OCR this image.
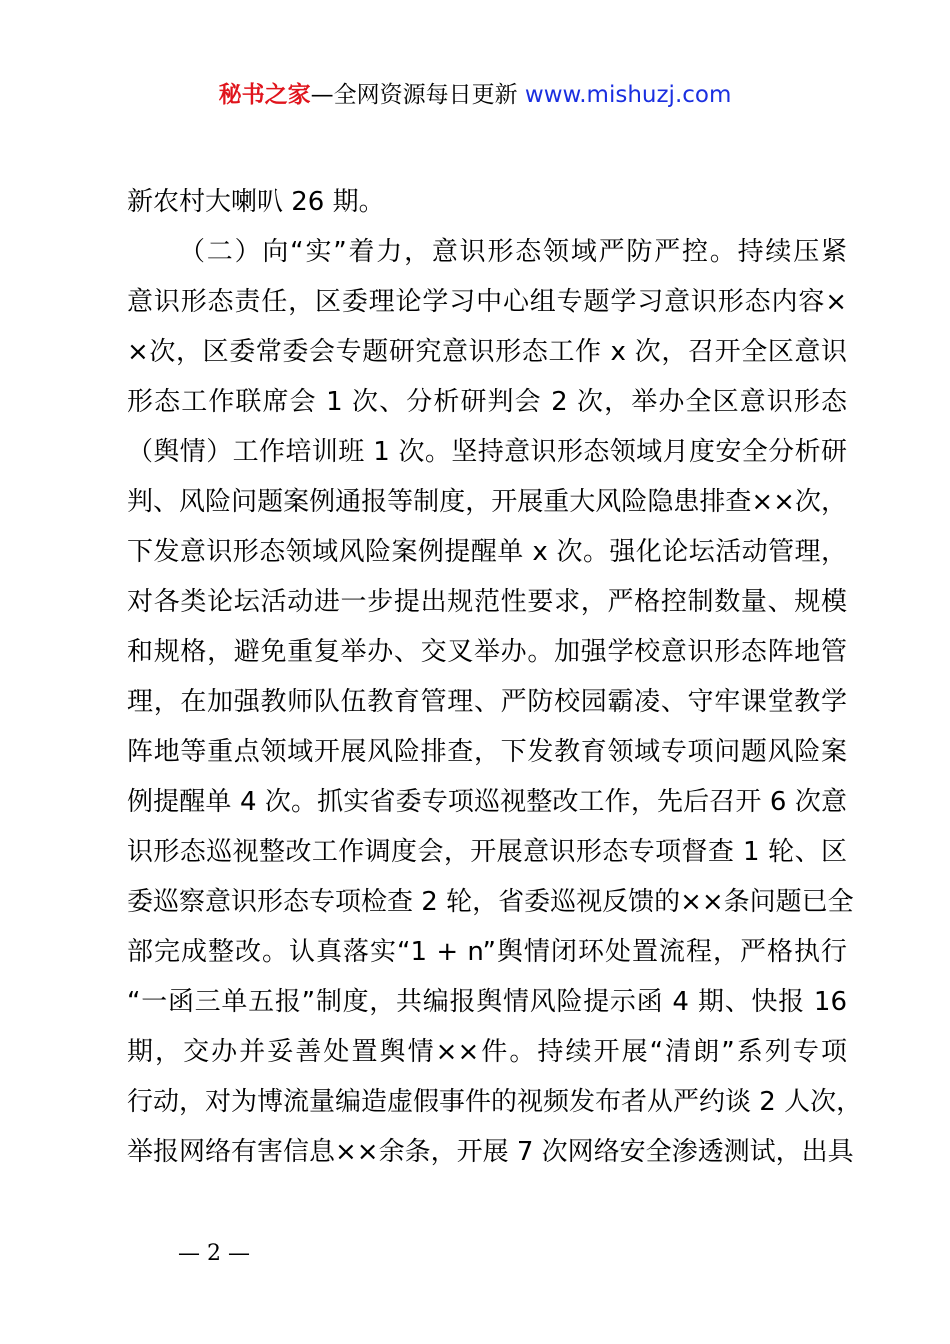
秘书之家—全网资源每日更新 www.mishuzj.com
新农村大喇叭 26 期。
（二）向“实”着力，意识形态领域严防严控。持续压紧
意识形态责任，区委理论学习中心组专题学习意识形态内容×
×次，区委常委会专题研究意识形态工作 x 次，召开全区意识
形态工作联席会 1 次、分析研判会 2 次，举办全区意识形态
（舆情）工作培训班 1 次。坚持意识形态领域月度安全分析研
判、风险问题案例通报等制度，开展重大风险隐患排查××次，
下发意识形态领域风险案例提醒单 x 次。强化论坛活动管理，
对各类论坛活动进一步提出规范性要求，严格控制数量、规模
和规格，避免重复举办、交叉举办。加强学校意识形态阵地管
理，在加强教师队伍教育管理、严防校园霸凌、守牢课堂教学
阵地等重点领域开展风险排查，下发教育领域专项问题风险案
例提醒单 4 次。抓实省委专项巡视整改工作，先后召开 6 次意
识形态巡视整改工作调度会，开展意识形态专项督查 1 轮、区
委巡察意识形态专项检查 2 轮，省委巡视反馈的××条问题已全
部完成整改。认真落实“1 + n”舆情闭环处置流程，严格执行
“一函三单五报”制度，共编报舆情风险提示函 4 期、快报 16
期，交办并妥善处置舆情××件。持续开展“清朗”系列专项
行动，对为博流量编造虚假事件的视频发布者从严约谈 2 人次，
举报网络有害信息××余条，开展 7 次网络安全渗透测试，出具
— 2 —
